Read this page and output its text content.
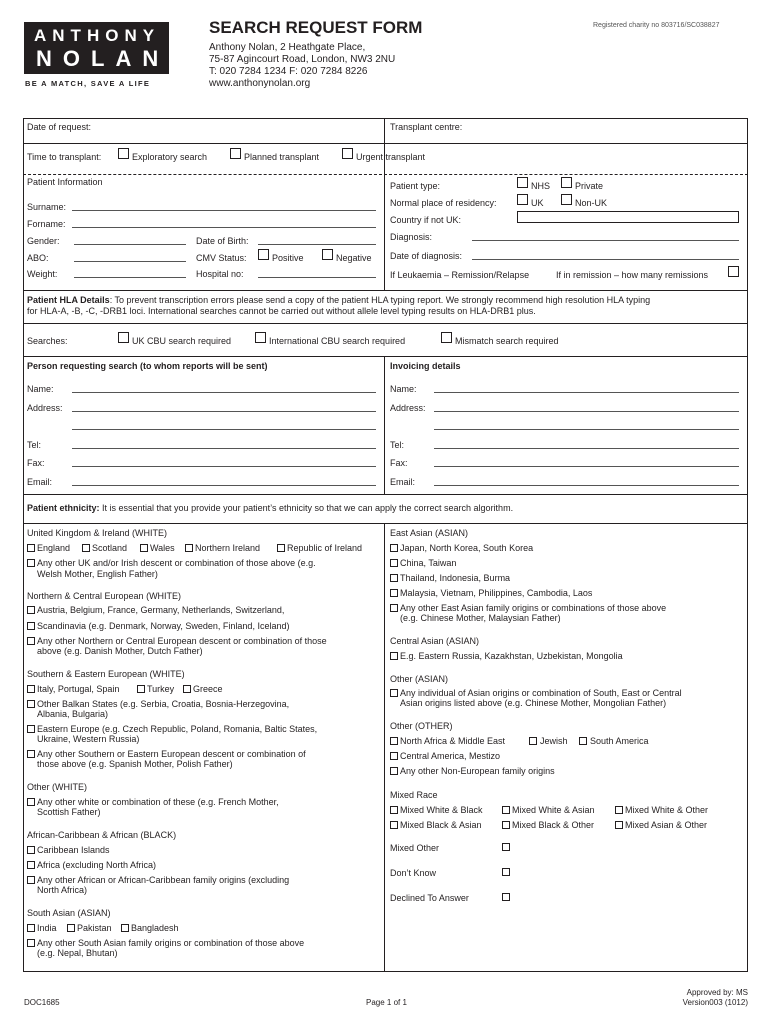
ANTHONY
NOLAN
BE A MATCH, SAVE A LIFE
SEARCH REQUEST FORM	Registered charity no 803716/SC038827
Anthony Nolan, 2 Heathgate Place,
75-87 Agincourt Road, London, NW3 2NU
T: 020 7284 1234 F: 020 7284 8226
www.anthonynolan.org
Date of request:	Transplant centre:
Time to transplant:	Exploratory search	Planned transplant	Urgent transplant
Patient Information
Surname:
Forname:
Gender:	Date of Birth:
ABO:	CMV Status:	Positive	Negative
Weight:	Hospital no:
Patient type:	NHS	Private
Normal place of residency:	UK	Non-UK
Country if not UK:
Diagnosis:
Date of diagnosis:
If Leukaemia – Remission/Relapse	If in remission – how many remissions
Patient HLA Details: To prevent transcription errors please send a copy of the patient HLA typing report. We strongly recommend high resolution HLA typing
for HLA-A, -B, -C, -DRB1 loci. International searches cannot be carried out without allele level typing results on HLA-DRB1 plus.
Searches:	UK CBU search required	International CBU search required	Mismatch search required
Person requesting search (to whom reports will be sent)	Invoicing details
Name:
Address:
Tel:
Fax:
Email:
Name:
Address:
Tel:
Fax:
Email:
Patient ethnicity: It is essential that you provide your patient’s ethnicity so that we can apply the correct search algorithm.
United Kingdom & Ireland (WHITE)
England Scotland	Wales Northern Ireland	Republic of Ireland
Any other UK and/or Irish descent or combination of those above (e.g.
Welsh Mother, English Father)
Northern & Central European (WHITE)
Austria, Belgium, France, Germany, Netherlands, Switzerland,
Scandinavia (e.g. Denmark, Norway, Sweden, Finland, Iceland)
Any other Northern or Central European descent or combination of those
above (e.g. Danish Mother, Dutch Father)
Southern & Eastern European (WHITE)
Italy, Portugal, Spain	Turkey Greece
Other Balkan States (e.g. Serbia, Croatia, Bosnia-Herzegovina,
Albania, Bulgaria)
Eastern Europe (e.g. Czech Republic, Poland, Romania, Baltic States,
Ukraine, Western Russia)
Any other Southern or Eastern European descent or combination of
those above (e.g. Spanish Mother, Polish Father)
Other (WHITE)
Any other white or combination of these (e.g. French Mother,
Scottish Father)
African-Caribbean & African (BLACK)
Caribbean Islands
Africa (excluding North Africa)
Any other African or African-Caribbean family origins (excluding
North Africa)
South Asian (ASIAN)
India Pakistan Bangladesh
Any other South Asian family origins or combination of those above
(e.g. Nepal, Bhutan)
East Asian (ASIAN)
Japan, North Korea, South Korea
China, Taiwan
Thailand, Indonesia, Burma
Malaysia, Vietnam, Philippines, Cambodia, Laos
Any other East Asian family origins or combinations of those above
(e.g. Chinese Mother, Malaysian Father)
Central Asian (ASIAN)
E.g. Eastern Russia, Kazakhstan, Uzbekistan, Mongolia
Other (ASIAN)
Any individual of Asian origins or combination of South, East or Central
Asian origins listed above (e.g. Chinese Mother, Mongolian Father)
Other (OTHER)
North Africa & Middle East	Jewish South America
Central America, Mestizo
Any other Non-European family origins
Mixed Race
Mixed White & Black	Mixed White & Asian	Mixed White & Other
Mixed Black & Asian	Mixed Black & Other	Mixed Asian & Other
Mixed Other
Don’t Know
Declined To Answer
DOC1685	Page 1 of 1
Approved by: MS
Version003 (1012)
